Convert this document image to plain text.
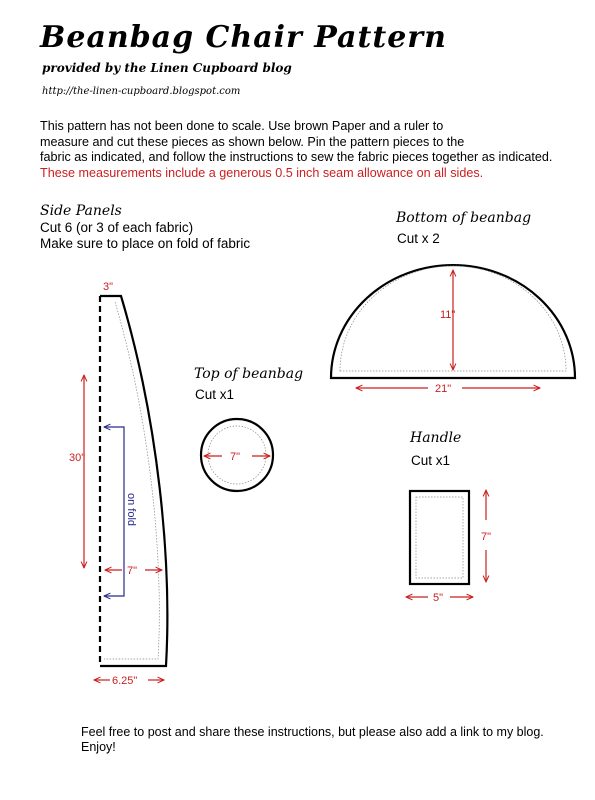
Beanbag Chair Pattern
provided by the Linen Cupboard blog
http://the-linen-cupboard.blogspot.com
This pattern has not been done to scale. Use brown Paper and a ruler to
measure and cut these pieces as shown below. Pin the pattern pieces to the
fabric as indicated, and follow the instructions to sew the fabric pieces together as indicated.
These measurements include a generous 0.5 inch seam allowance on all sides.
Side Panels
Cut 6 (or 3 of each fabric)
Make sure to place on fold of fabric
Bottom of beanbag
Cut x 2
Top of beanbag
Cut x1
Handle
Cut x1
3"
30"
on fold
7"
6.25"
11"
21"
7"
7"
5"
Feel free to post and share these instructions, but please also add a link to my blog.
Enjoy!
